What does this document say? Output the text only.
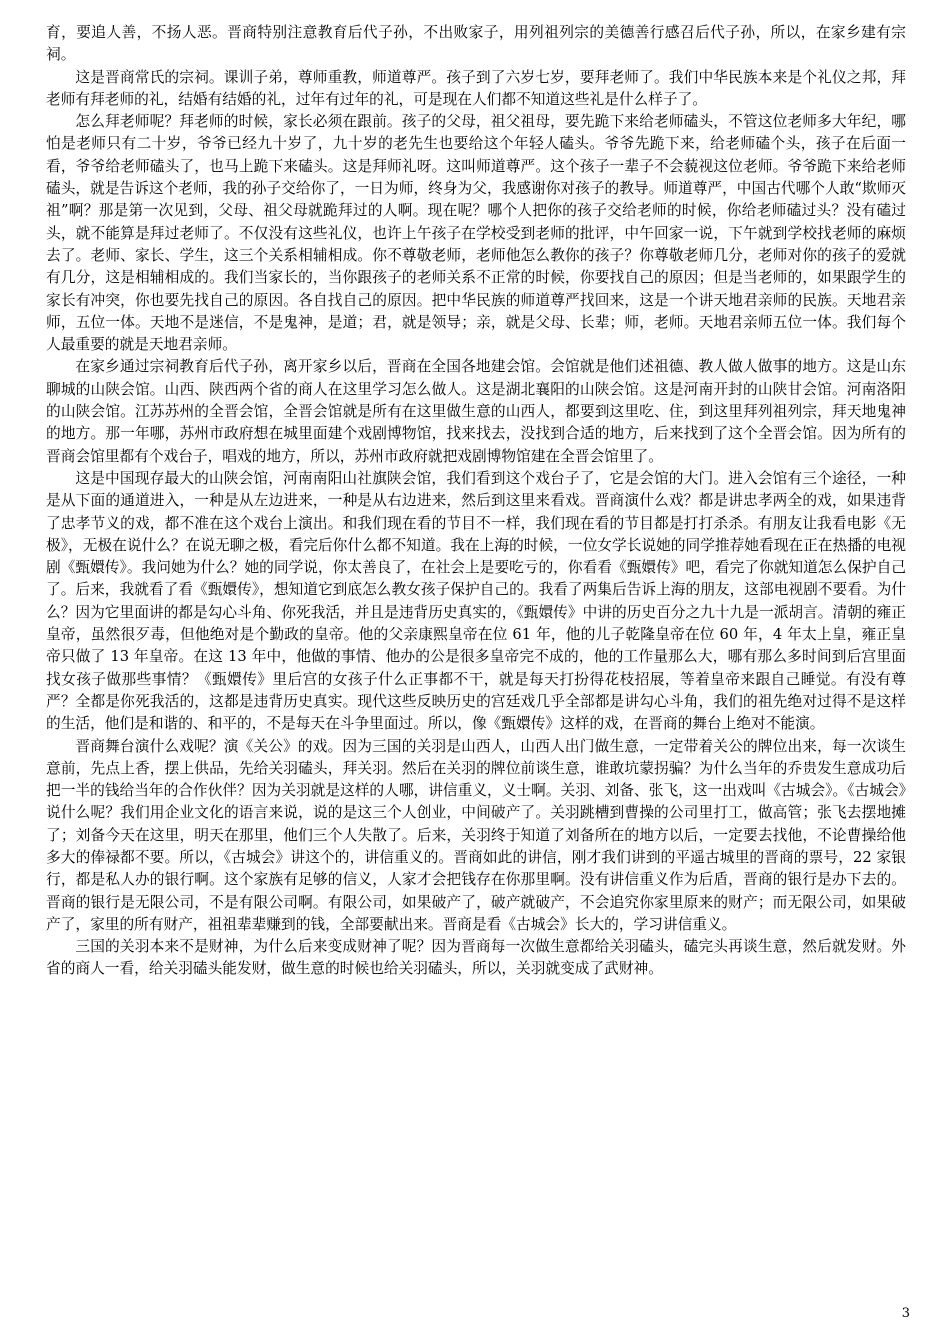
育，要追人善，不扬人恶。晋商特别注意教育后代子孙，不出败家子，用列祖列宗的美德善行感召后代子孙，所以，在家乡建有宗祠。

这是晋商常氏的宗祠。课训子弟，尊师重教，师道尊严。孩子到了六岁七岁，要拜老师了。我们中华民族本来是个礼仪之邦，拜老师有拜老师的礼，结婚有结婚的礼，过年有过年的礼，可是现在人们都不知道这些礼是什么样子了。

怎么拜老师呢？拜老师的时候，家长必须在跟前。孩子的父母，祖父祖母，要先跪下来给老师磕头，不管这位老师多大年纪，哪怕是老师只有二十岁，爷爷已经九十岁了，九十岁的老先生也要给这个年轻人磕头。爷爷先跪下来，给老师磕个头，孩子在后面一看，爷爷给老师磕头了，也马上跪下来磕头。这是拜师礼呀。这叫师道尊严。这个孩子一辈子不会藐视这位老师。爷爷跪下来给老师磕头，就是告诉这个老师，我的孙子交给你了，一日为师，终身为父，我感谢你对孩子的教导。师道尊严，中国古代哪个人敢“欺师灭祖”啊？那是第一次见到，父母、祖父母就跪拜过的人啊。现在呢？哪个人把你的孩子交给老师的时候，你给老师磕过头？没有磕过头，就不能算是拜过老师了。不仅没有这些礼仪，也许上午孩子在学校受到老师的批评，中午回家一说，下午就到学校找老师的麻烦去了。老师、家长、学生，这三个关系相辅相成。你不尊敬老师，老师他怎么教你的孩子？你尊敬老师几分，老师对你的孩子的爱就有几分，这是相辅相成的。我们当家长的，当你跟孩子的老师关系不正常的时候，你要找自己的原因；但是当老师的，如果跟学生的家长有冲突，你也要先找自己的原因。各自找自己的原因。把中华民族的师道尊严找回来，这是一个讲天地君亲师的民族。天地君亲师，五位一体。天地不是迷信，不是鬼神，是道；君，就是领导；亲，就是父母、长辈；师，老师。天地君亲师五位一体。我们每个人最重要的就是天地君亲师。

在家乡通过宗祠教育后代子孙，离开家乡以后，晋商在全国各地建会馆。会馆就是他们述祖德、教人做人做事的地方。这是山东聊城的山陕会馆。山西、陕西两个省的商人在这里学习怎么做人。这是湖北襄阳的山陕会馆。这是河南开封的山陕甘会馆。河南洛阳的山陕会馆。江苏苏州的全晋会馆，全晋会馆就是所有在这里做生意的山西人，都要到这里吃、住，到这里拜列祖列宗，拜天地鬼神的地方。那一年哪，苏州市政府想在城里面建个戏剧博物馆，找来找去，没找到合适的地方，后来找到了这个全晋会馆。因为所有的晋商会馆里都有个戏台子，唱戏的地方，所以，苏州市政府就把戏剧博物馆建在全晋会馆里了。

这是中国现存最大的山陕会馆，河南南阳山社旗陕会馆，我们看到这个戏台子了，它是会馆的大门。进入会馆有三个途径，一种是从下面的通道进入，一种是从左边进来，一种是从右边进来，然后到这里来看戏。晋商演什么戏？都是讲忠孝两全的戏，如果违背了忠孝节义的戏，都不准在这个戏台上演出。和我们现在看的节目不一样，我们现在看的节目都是打打杀杀。有朋友让我看电影《无极》，无极在说什么？在说无聊之极，看完后你什么都不知道。我在上海的时候，一位女学长说她的同学推荐她看现在正在热播的电视剧《甄嬛传》。我问她为什么？她的同学说，你太善良了，在社会上是要吃亏的，你看看《甄嬛传》吧，看完了你就知道怎么保护自己了。后来，我就看了看《甄嬛传》，想知道它到底怎么教女孩子保护自己的。我看了两集后告诉上海的朋友，这部电视剧不要看。为什么？因为它里面讲的都是勾心斗角、你死我活，并且是违背历史真实的，《甄嬛传》中讲的历史百分之九十九是一派胡言。清朝的雍正皇帝，虽然很歹毒，但他绝对是个勤政的皇帝。他的父亲康熙皇帝在位 61 年，他的儿子乾隆皇帝在位 60 年，4 年太上皇，雍正皇帝只做了 13 年皇帝。在这 13 年中，他做的事情、他办的公是很多皇帝完不成的，他的工作量那么大，哪有那么多时间到后宫里面找女孩子做那些事情？《甄嬛传》里后宫的女孩子什么正事都不干，就是每天打扮得花枝招展，等着皇帝来跟自己睡觉。有没有尊严？全都是你死我活的，这都是违背历史真实。现代这些反映历史的宫廷戏几乎全部都是讲勾心斗角，我们的祖先绝对过得不是这样的生活，他们是和谐的、和平的，不是每天在斗争里面过。所以，像《甄嬛传》这样的戏，在晋商的舞台上绝对不能演。

晋商舞台演什么戏呢？演《关公》的戏。因为三国的关羽是山西人，山西人出门做生意，一定带着关公的牌位出来，每一次谈生意前，先点上香，摆上供品，先给关羽磕头，拜关羽。然后在关羽的牌位前谈生意，谁敢坑蒙拐骗？为什么当年的乔贵发生意成功后把一半的钱给当年的合作伙伴？因为关羽就是这样的人哪，讲信重义，义士啊。关羽、刘备、张飞，这一出戏叫《古城会》。《古城会》说什么呢？我们用企业文化的语言来说，说的是这三个人创业，中间破产了。关羽跳槽到曹操的公司里打工，做高管；张飞去摆地摊了；刘备今天在这里，明天在那里，他们三个人失散了。后来，关羽终于知道了刘备所在的地方以后，一定要去找他，不论曹操给他多大的俸禄都不要。所以，《古城会》讲这个的，讲信重义的。晋商如此的讲信，刚才我们讲到的平遥古城里的晋商的票号，22 家银行，都是私人办的银行啊。这个家族有足够的信义，人家才会把钱存在你那里啊。没有讲信重义作为后盾，晋商的银行是办下去的。晋商的银行是无限公司，不是有限公司啊。有限公司，如果破产了，破产就破产，不会追究你家里原来的财产；而无限公司，如果破产了，家里的所有财产，祖祖辈辈赚到的钱，全部要献出来。晋商是看《古城会》长大的，学习讲信重义。

三国的关羽本来不是财神，为什么后来变成财神了呢？因为晋商每一次做生意都给关羽磕头，磕完头再谈生意，然后就发财。外省的商人一看，给关羽磕头能发财，做生意的时候也给关羽磕头，所以，关羽就变成了武财神。

3
